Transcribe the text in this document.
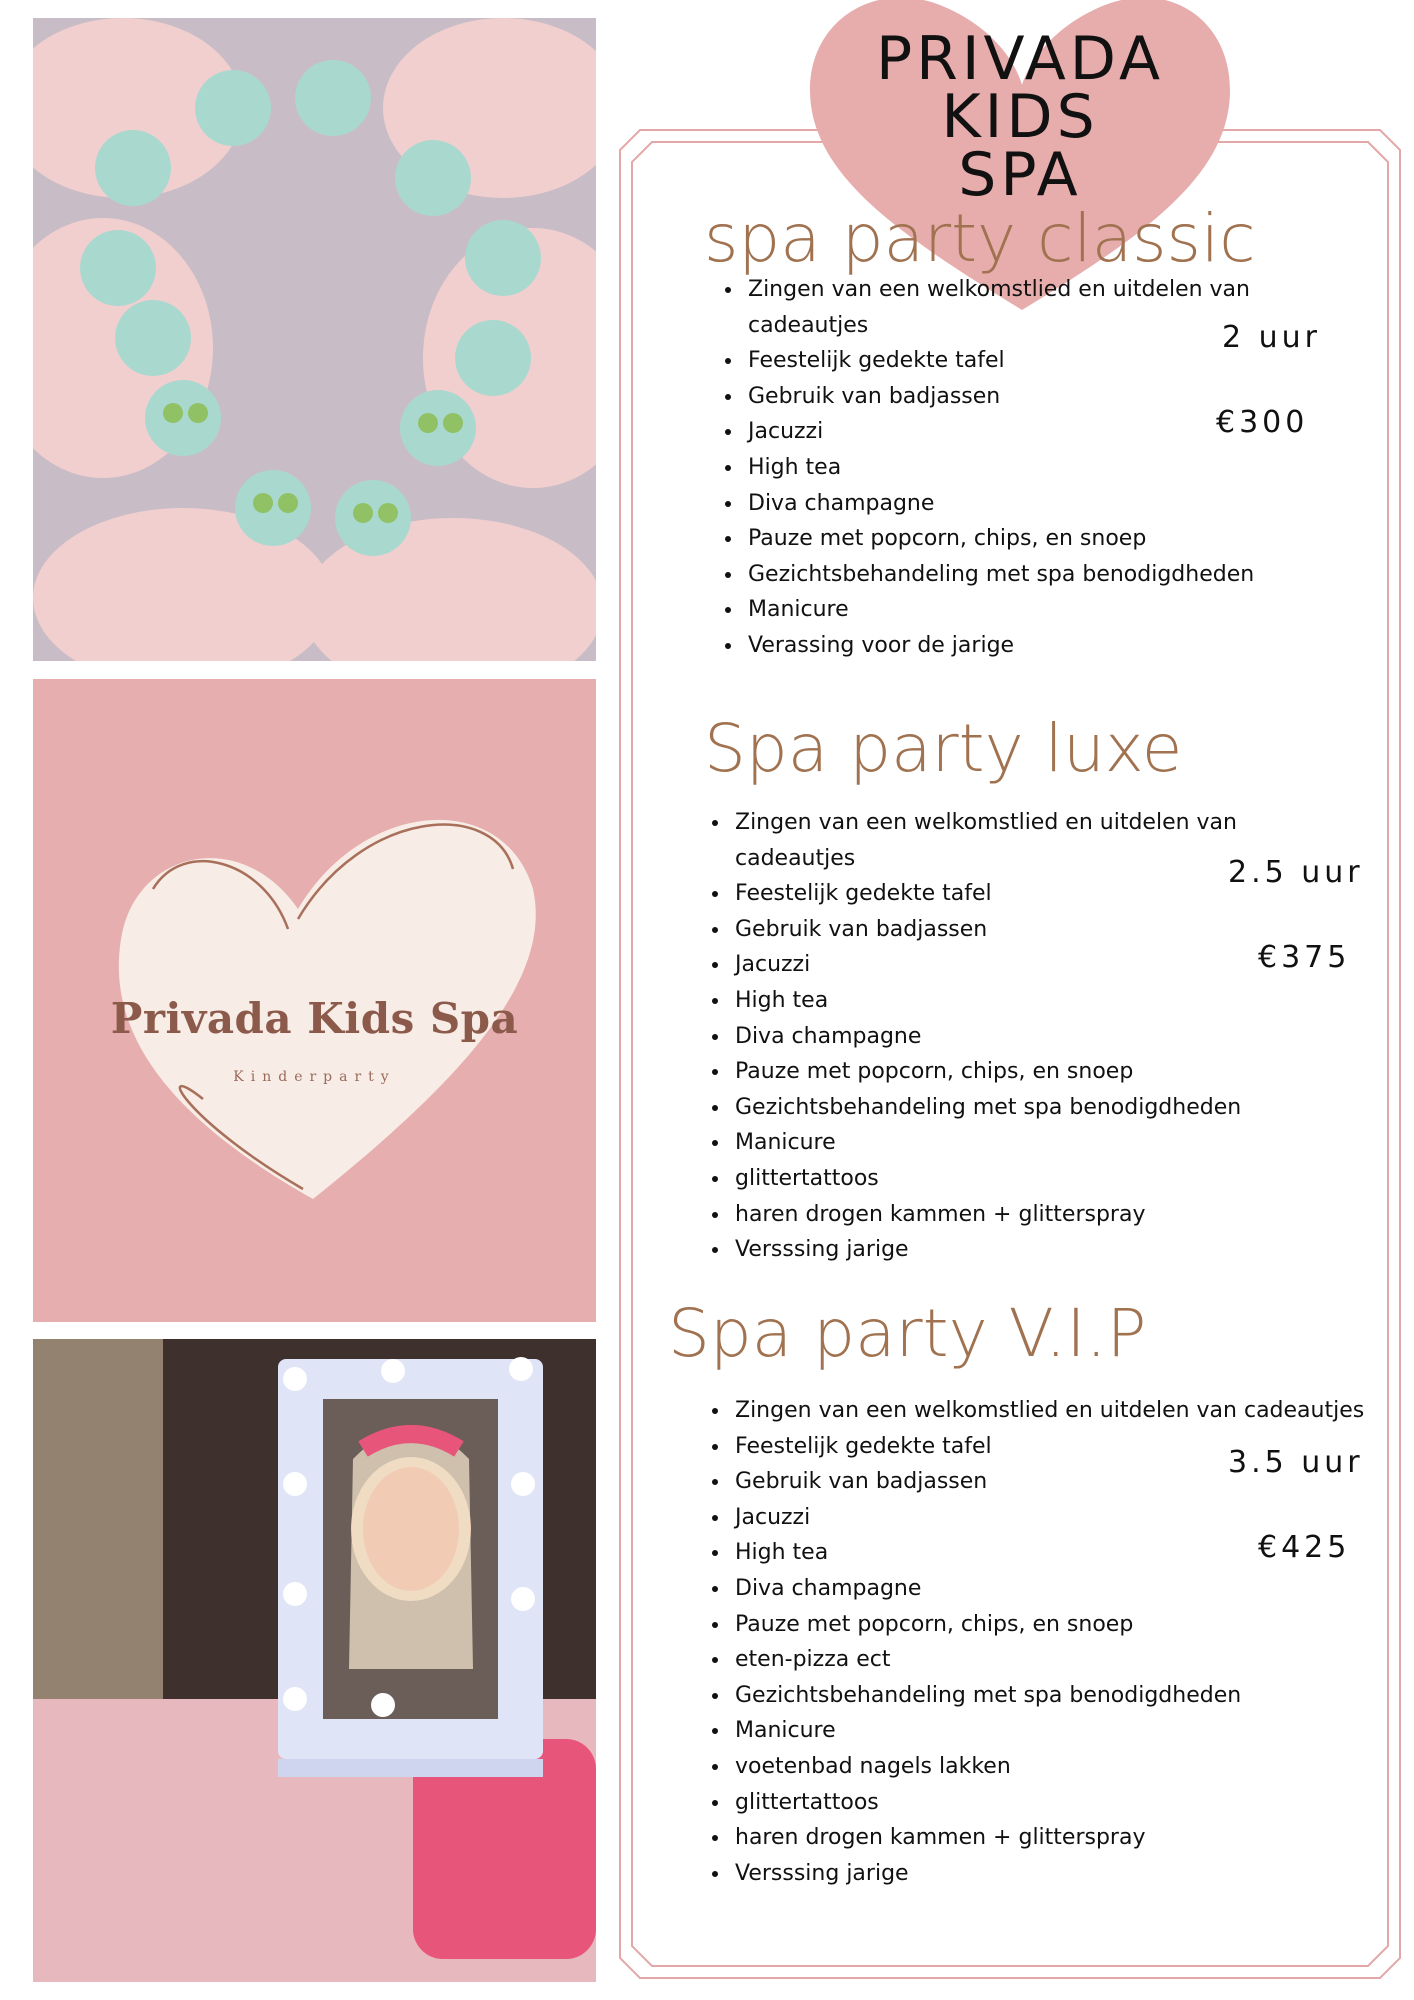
Privada Kids Spa
Kinderparty
PRIVADA
KIDS
SPA
spa party classic
• Zingen van een welkomstlied en uitdelen van cadeautjes
• Feestelijk gedekte tafel
• Gebruik van badjassen
• Jacuzzi
• High tea
• Diva champagne
• Pauze met popcorn, chips, en snoep
• Gezichtsbehandeling met spa benodigdheden
• Manicure
• Verassing voor de jarige
2 uur
€300
Spa party luxe
• Zingen van een welkomstlied en uitdelen van cadeautjes
• Feestelijk gedekte tafel
• Gebruik van badjassen
• Jacuzzi
• High tea
• Diva champagne
• Pauze met popcorn, chips, en snoep
• Gezichtsbehandeling met spa benodigdheden
• Manicure
• glittertattoos
• haren drogen kammen + glitterspray
• Versssing jarige
2.5 uur
€375
Spa party V.I.P
• Zingen van een welkomstlied en uitdelen van cadeautjes
• Feestelijk gedekte tafel
• Gebruik van badjassen
• Jacuzzi
• High tea
• Diva champagne
• Pauze met popcorn, chips, en snoep
• eten-pizza ect
• Gezichtsbehandeling met spa benodigdheden
• Manicure
• voetenbad nagels lakken
• glittertattoos
• haren drogen kammen + glitterspray
• Versssing jarige
3.5 uur
€425
